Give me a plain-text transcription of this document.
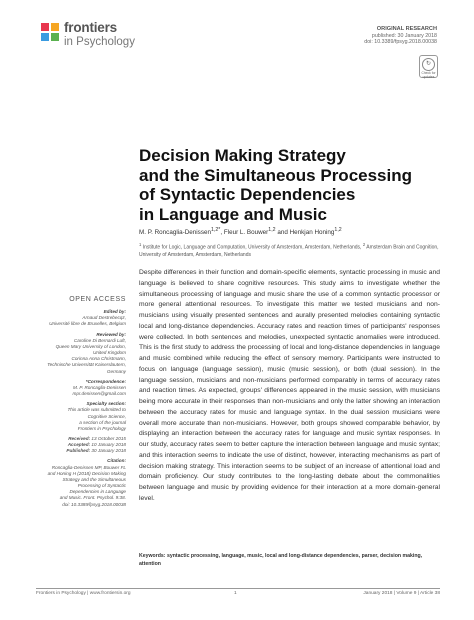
frontiers
in Psychology
ORIGINAL RESEARCH
published: 30 January 2018
doi: 10.3389/fpsyg.2018.00038
↻
Check for
updates
Decision Making Strategy
and the Simultaneous Processing
of Syntactic Dependencies
in Language and Music
M. P. Roncaglia-Denissen$^{1,2*}$, Fleur L. Bouwer$^{1,2}$ and Henkjan Honing$^{1,2}$
$^1$ Institute for Logic, Language and Computation, University of Amsterdam, Amsterdam, Netherlands, $^2$ Amsterdam Brain and Cognition, University of Amsterdam, Amsterdam, Netherlands
OPEN ACCESS
Edited by:
Arnaud Destrebecqz,
Université libre de Bruxelles, Belgium
Reviewed by:
Caroline Di Bernardi Luft,
Queen Mary University of London,
United Kingdom
Corinna Anna Christmann,
Technische Universität Kaiserslautern,
Germany
*Correspondence:
M. P. Roncaglia-Denissen
mpr.denissen@gmail.com
Specialty section:
This article was submitted to
Cognitive Science,
a section of the journal
Frontiers in Psychology
Received: 13 October 2015
Accepted: 10 January 2018
Published: 30 January 2018
Citation:
Roncaglia-Denissen MP, Bouwer FL
and Honing H (2018) Decision Making
Strategy and the Simultaneous
Processing of Syntactic
Dependencies in Language
and Music. Front. Psychol. 9:38.
doi: 10.3389/fpsyg.2018.00038
Despite differences in their function and domain-specific elements, syntactic processing in music and language is believed to share cognitive resources. This study aims to investigate whether the simultaneous processing of language and music share the use of a common syntactic processor or more general attentional resources. To investigate this matter we tested musicians and non-musicians using visually presented sentences and aurally presented melodies containing syntactic local and long-distance dependencies. Accuracy rates and reaction times of participants' responses were collected. In both sentences and melodies, unexpected syntactic anomalies were introduced. This is the first study to address the processing of local and long-distance dependencies in language and music combined while reducing the effect of sensory memory. Participants were instructed to focus on language (language session), music (music session), or both (dual session). In the language session, musicians and non-musicians performed comparably in terms of accuracy rates and reaction times. As expected, groups' differences appeared in the music session, with musicians being more accurate in their responses than non-musicians and only the latter showing an interaction between the accuracy rates for music and language syntax. In the dual session musicians were overall more accurate than non-musicians. However, both groups showed comparable behavior, by displaying an interaction between the accuracy rates for language and music syntax responses. In our study, accuracy rates seem to better capture the interaction between language and music syntax; and this interaction seems to indicate the use of distinct, however, interacting mechanisms as part of decision making strategy. This interaction seems to be subject of an increase of attentional load and domain proficiency. Our study contributes to the long-lasting debate about the commonalities between language and music by providing evidence for their interaction at a more domain-general level.
Keywords: syntactic processing, language, music, local and long-distance dependencies, parser, decision making, attention
Frontiers in Psychology | www.frontiersin.org	1	January 2018 | Volume 9 | Article 38
